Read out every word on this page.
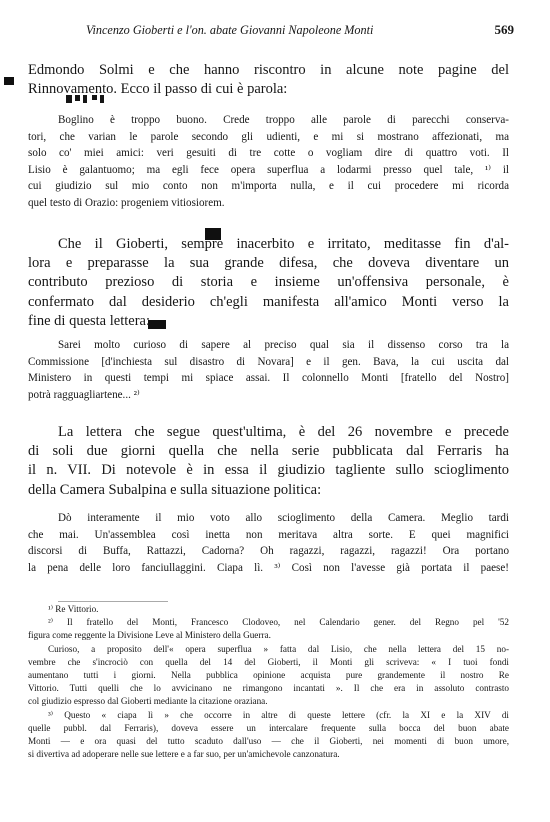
Vincenzo Gioberti e l'on. abate Giovanni Napoleone Monti	569
Edmondo Solmi e che hanno riscontro in alcune note pagine del
Rinnovamento. Ecco il passo di cui è parola:
Boglino è troppo buono. Crede troppo alle parole di parecchi conserva-
tori, che varian le parole secondo gli udienti, e mi si mostrano affezionati, ma
solo co' miei amici: veri gesuiti di tre cotte o vogliam dire di quattro voti. Il
Lisio è galantuomo; ma egli fece opera superflua a lodarmi presso quel tale, ¹⁾ il
cui giudizio sul mio conto non m'importa nulla, e il cui procedere mi ricorda
quel testo di Orazio: progeniem vitiosiorem.
Che il Gioberti, sempre inacerbito e irritato, meditasse fin d'al-
lora e preparasse la sua grande difesa, che doveva diventare un
contributo prezioso di storia e insieme un'offensiva personale, è
confermato dal desiderio ch'egli manifesta all'amico Monti verso la
fine di questa lettera:
Sarei molto curioso di sapere al preciso qual sia il dissenso corso tra la
Commissione [d'inchiesta sul disastro di Novara] e il gen. Bava, la cui uscita dal
Ministero in questi tempi mi spiace assai. Il colonnello Monti [fratello del Nostro]
potrà ragguagliartene... ²⁾
La lettera che segue quest'ultima, è del 26 novembre e precede
di soli due giorni quella che nella serie pubblicata dal Ferraris ha
il n. VII. Di notevole è in essa il giudizio tagliente sullo scioglimento
della Camera Subalpina e sulla situazione politica:
Dò interamente il mio voto allo scioglimento della Camera. Meglio tardi
che mai. Un'assemblea così inetta non meritava altra sorte. E quei magnifici
discorsi di Buffa, Rattazzi, Cadorna? Oh ragazzi, ragazzi, ragazzi! Ora portano
la pena delle loro fanciullaggini. Ciapa lì. ³⁾ Così non l'avesse già portata il paese!
¹⁾ Re Vittorio.
²⁾ Il fratello del Monti, Francesco Clodoveo, nel Calendario gener. del Regno pel '52
figura come reggente la Divisione Leve al Ministero della Guerra.
Curioso, a proposito dell'« opera superflua » fatta dal Lisio, che nella lettera del 15 no-
vembre che s'incrociò con quella del 14 del Gioberti, il Monti gli scriveva: « I tuoi fondi
aumentano tutti i giorni. Nella pubblica opinione acquista pure grandemente il nostro Re
Vittorio. Tutti quelli che lo avvicinano ne rimangono incantati ». Il che era in assoluto contrasto
col giudizio espresso dal Gioberti mediante la citazione oraziana.
³⁾ Questo « ciapa lì » che occorre in altre di queste lettere (cfr. la XI e la XIV di
quelle pubbl. dal Ferraris), doveva essere un intercalare frequente sulla bocca del buon abate
Monti — e ora quasi del tutto scaduto dall'uso — che il Gioberti, nei momenti di buon umore,
si divertiva ad adoperare nelle sue lettere e a far suo, per un'amichevole canzonatura.
